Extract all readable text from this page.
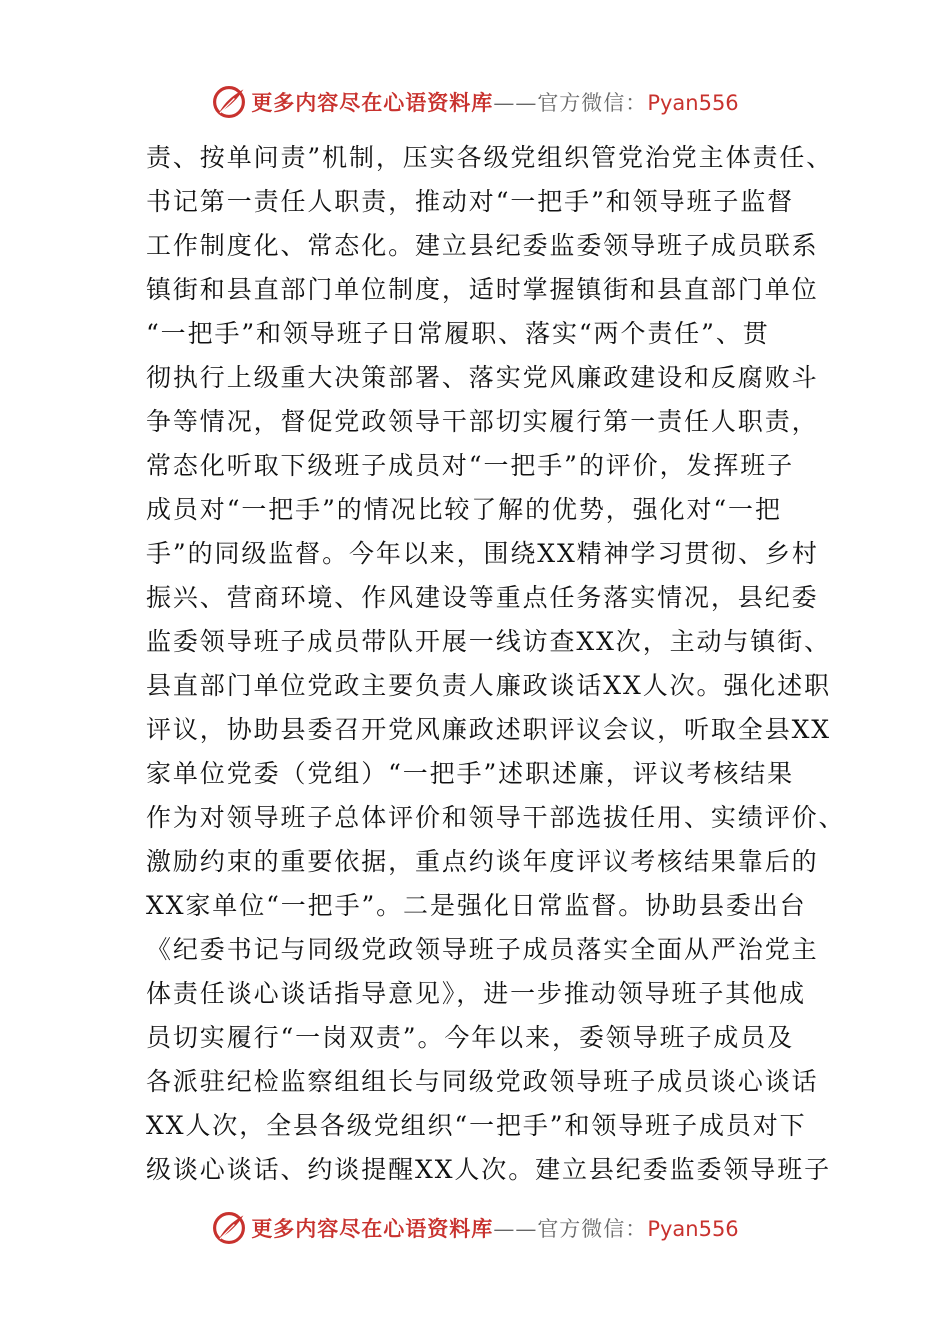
更多内容尽在心语资料库——官方微信：Pyan556
责、按单问责”机制，压实各级党组织管党治党主体责任、
书记第一责任人职责，推动对“一把手”和领导班子监督
工作制度化、常态化。建立县纪委监委领导班子成员联系
镇街和县直部门单位制度，适时掌握镇街和县直部门单位
“一把手”和领导班子日常履职、落实“两个责任”、贯
彻执行上级重大决策部署、落实党风廉政建设和反腐败斗
争等情况，督促党政领导干部切实履行第一责任人职责，
常态化听取下级班子成员对“一把手”的评价，发挥班子
成员对“一把手”的情况比较了解的优势，强化对“一把
手”的同级监督。今年以来，围绕XX精神学习贯彻、乡村
振兴、营商环境、作风建设等重点任务落实情况，县纪委
监委领导班子成员带队开展一线访查XX次，主动与镇街、
县直部门单位党政主要负责人廉政谈话XX人次。强化述职
评议，协助县委召开党风廉政述职评议会议，听取全县XX
家单位党委（党组）“一把手”述职述廉，评议考核结果
作为对领导班子总体评价和领导干部选拔任用、实绩评价、
激励约束的重要依据，重点约谈年度评议考核结果靠后的
XX家单位“一把手”。二是强化日常监督。协助县委出台
《纪委书记与同级党政领导班子成员落实全面从严治党主
体责任谈心谈话指导意见》，进一步推动领导班子其他成
员切实履行“一岗双责”。今年以来，委领导班子成员及
各派驻纪检监察组组长与同级党政领导班子成员谈心谈话
XX人次，全县各级党组织“一把手”和领导班子成员对下
级谈心谈话、约谈提醒XX人次。建立县纪委监委领导班子
更多内容尽在心语资料库——官方微信：Pyan556
